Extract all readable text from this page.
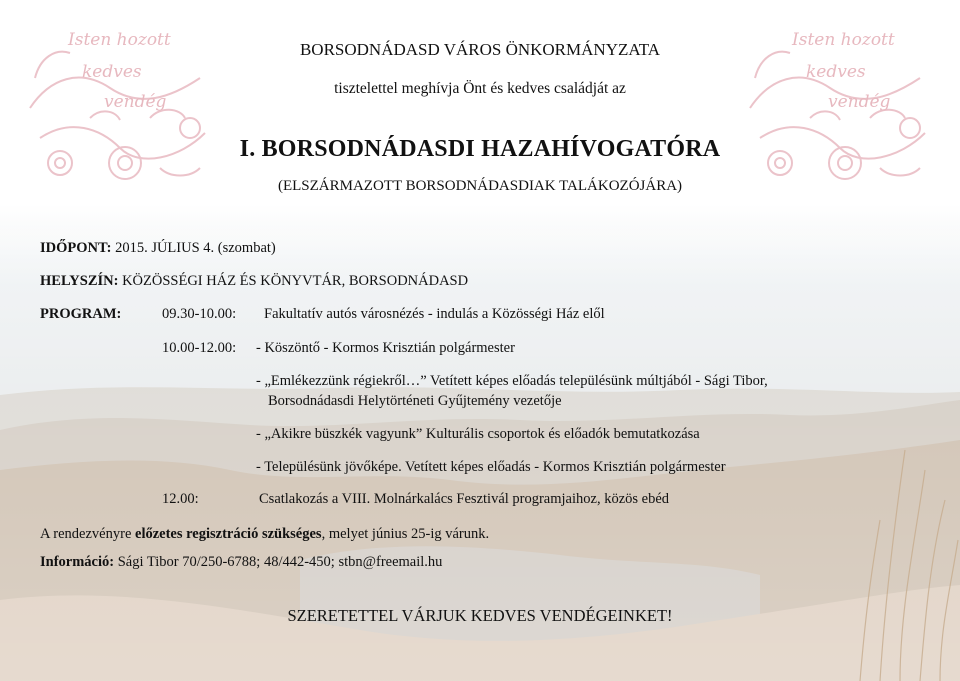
Isten hozott
kedves
vendég
Isten hozott
kedves
vendég
BORSODNÁDASD VÁROS ÖNKORMÁNYZATA
tisztelettel meghívja Önt és kedves családját az
I. BORSODNÁDASDI HAZAHÍVOGATÓRA
(ELSZÁRMAZOTT BORSODNÁDASDIAK TALÁKOZÓJÁRA)
IDŐPONT: 2015. JÚLIUS 4. (szombat)
HELYSZÍN: KÖZÖSSÉGI HÁZ ÉS KÖNYVTÁR, BORSODNÁDASD
PROGRAM:	09.30-10.00: Fakultatív autós városnézés - indulás a Közösségi Ház elől
10.00-12.00: - Köszöntő - Kormos Krisztián polgármester
- „Emlékezzünk régiekről…” Vetített képes előadás településünk múltjából - Sági Tibor,
Borsodnádasdi Helytörténeti Gyűjtemény vezetője
- „Akikre büszkék vagyunk” Kulturális csoportok és előadók bemutatkozása
- Településünk jövőképe. Vetített képes előadás - Kormos Krisztián polgármester
12.00:	Csatlakozás a VIII. Molnárkalács Fesztivál programjaihoz, közös ebéd
A rendezvényre előzetes regisztráció szükséges, melyet június 25-ig várunk.
Információ: Sági Tibor 70/250-6788; 48/442-450; stbn@freemail.hu
SZERETETTEL VÁRJUK KEDVES VENDÉGEINKET!
